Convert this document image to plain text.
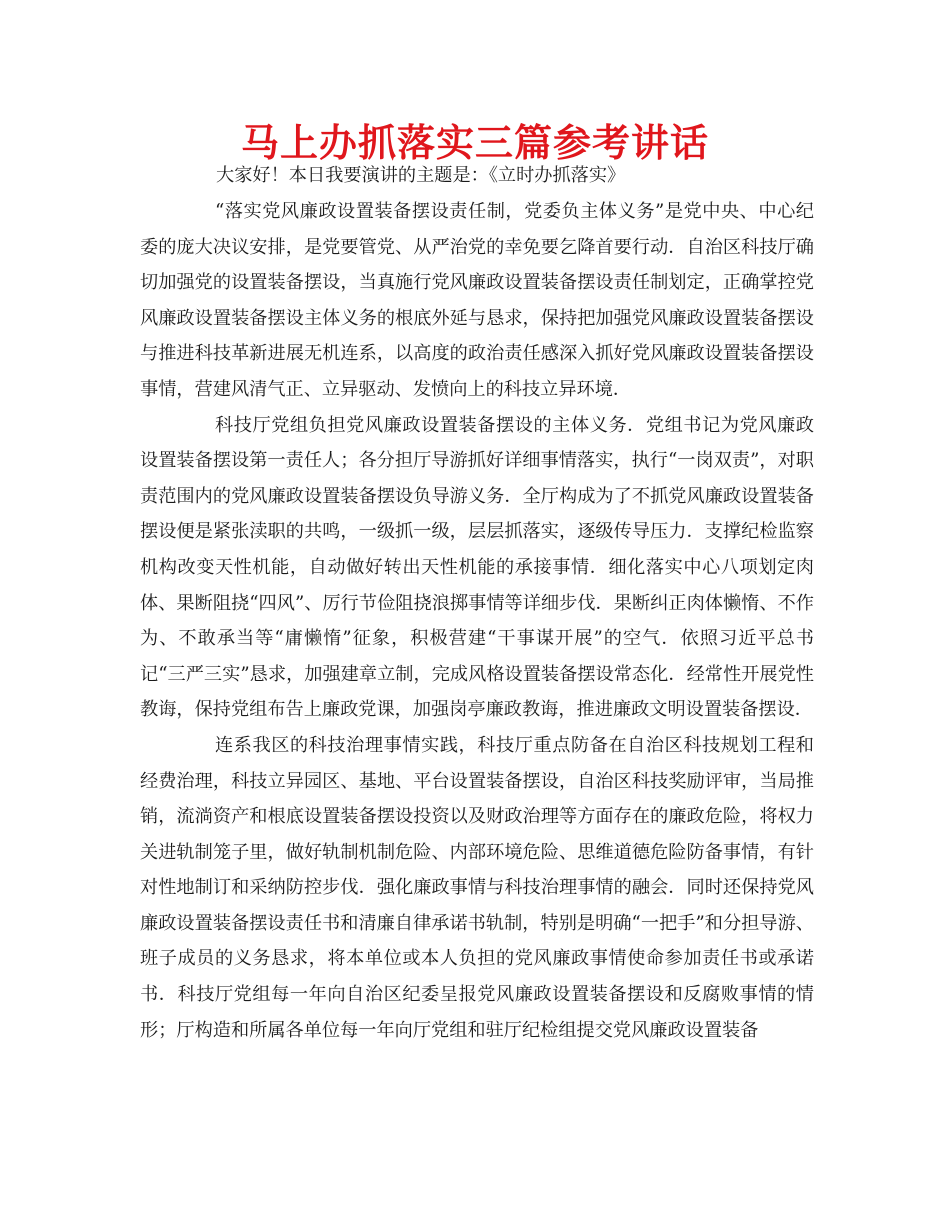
马上办抓落实三篇参考讲话

大家好！本日我要演讲的主题是：《立时办抓落实》

“落实党风廉政设置装备摆设责任制，党委负主体义务”是党中央、中心纪委的庞大决议安排，是党要管党、从严治党的幸免要乞降首要行动．自治区科技厅确切加强党的设置装备摆设，当真施行党风廉政设置装备摆设责任制划定，正确掌控党风廉政设置装备摆设主体义务的根底外延与恳求，保持把加强党风廉政设置装备摆设与推进科技革新进展无机连系，以高度的政治责任感深入抓好党风廉政设置装备摆设事情，营建风清气正、立异驱动、发愤向上的科技立异环境．

科技厅党组负担党风廉政设置装备摆设的主体义务．党组书记为党风廉政设置装备摆设第一责任人；各分担厅导游抓好详细事情落实，执行“一岗双责”，对职责范围内的党风廉政设置装备摆设负导游义务．全厅构成为了不抓党风廉政设置装备摆设便是紧张渎职的共鸣，一级抓一级，层层抓落实，逐级传导压力．支撑纪检监察机构改变天性机能，自动做好转出天性机能的承接事情．细化落实中心八项划定肉体、果断阻挠“四风”、厉行节俭阻挠浪掷事情等详细步伐．果断纠正肉体懒惰、不作为、不敢承当等“庸懒惰”征象，积极营建“干事谋开展”的空气．依照习近平总书记“三严三实”恳求，加强建章立制，完成风格设置装备摆设常态化．经常性开展党性教诲，保持党组布告上廉政党课，加强岗亭廉政教诲，推进廉政文明设置装备摆设．

连系我区的科技治理事情实践，科技厅重点防备在自治区科技规划工程和经费治理，科技立异园区、基地、平台设置装备摆设，自治区科技奖励评审，当局推销，流淌资产和根底设置装备摆设投资以及财政治理等方面存在的廉政危险，将权力关进轨制笼子里，做好轨制机制危险、内部环境危险、思维道德危险防备事情，有针对性地制订和采纳防控步伐．强化廉政事情与科技治理事情的融会．同时还保持党风廉政设置装备摆设责任书和清廉自律承诺书轨制，特别是明确“一把手”和分担导游、班子成员的义务恳求，将本单位或本人负担的党风廉政事情使命参加责任书或承诺书．科技厅党组每一年向自治区纪委呈报党风廉政设置装备摆设和反腐败事情的情形；厅构造和所属各单位每一年向厅党组和驻厅纪检组提交党风廉政设置装备
